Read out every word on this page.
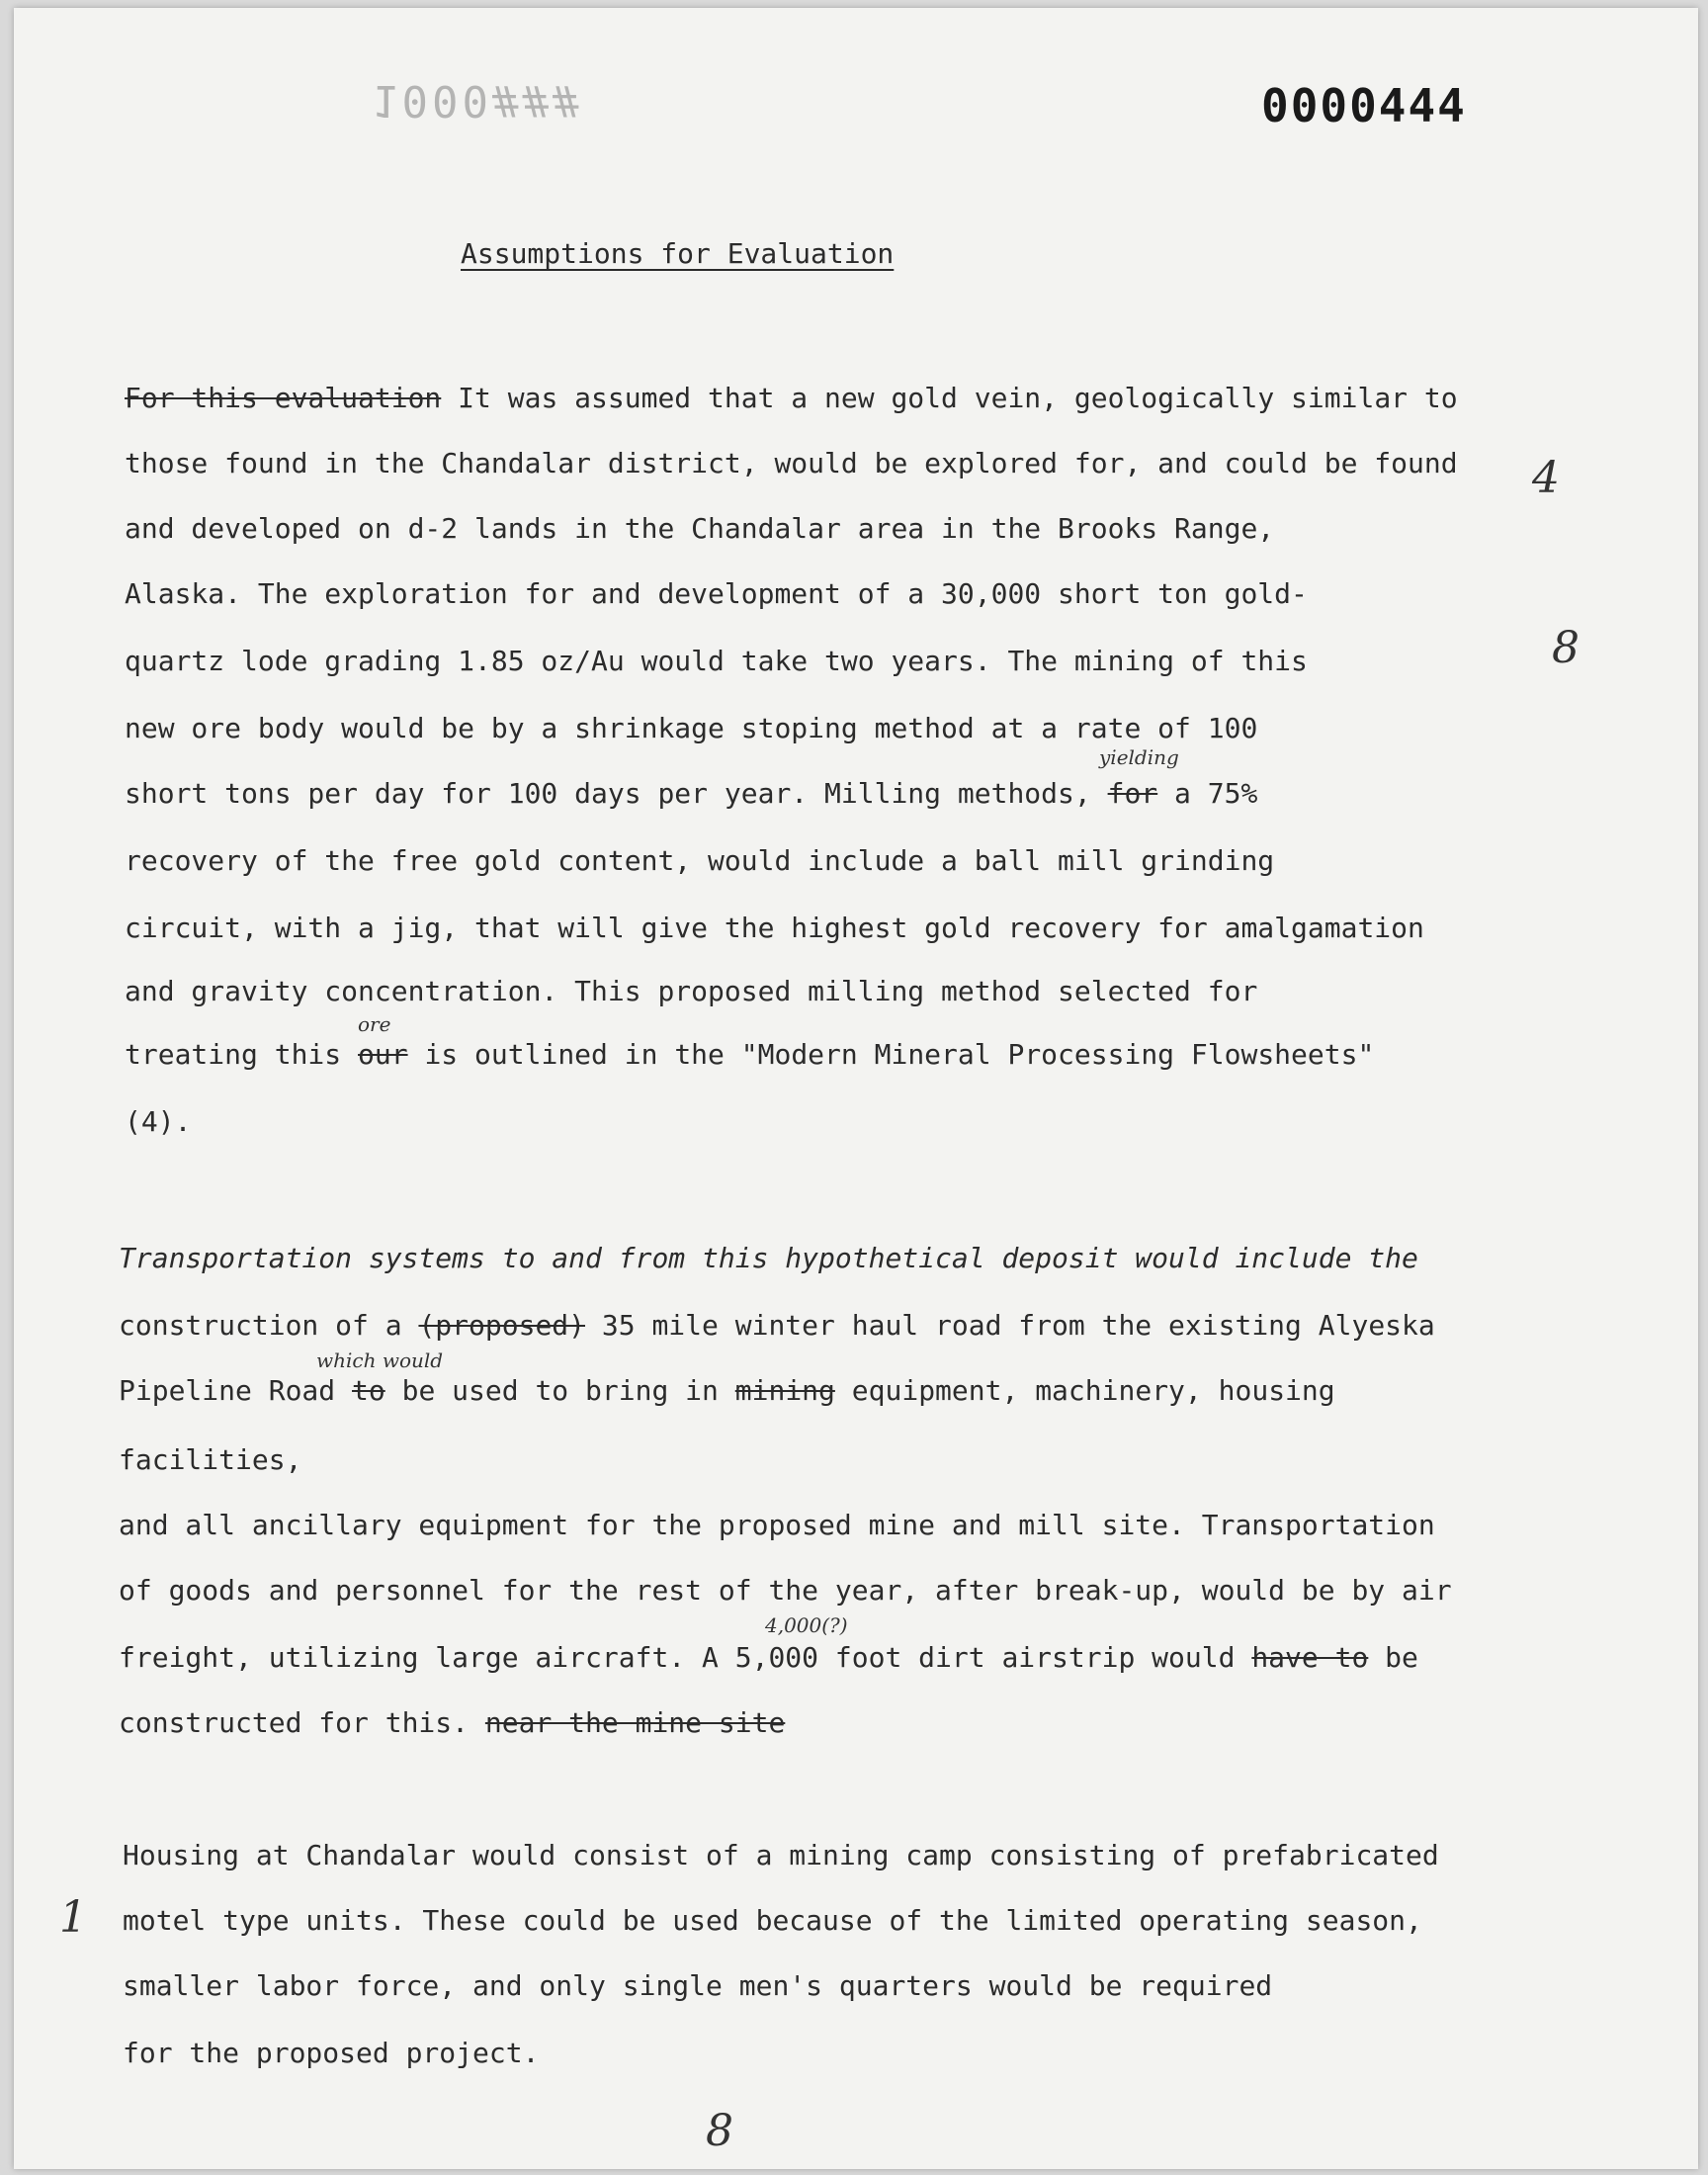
1000###	0000444
Assumptions for Evaluation
For this evaluation It was assumed that a new gold vein, geologically similar to
those found in the Chandalar district, would be explored for, and could be found
and developed on d-2 lands in the Chandalar area in the Brooks Range,
Alaska. The exploration for and development of a 30,000 short ton gold-
quartz lode grading 1.85 oz/Au would take two years. The mining of this
new ore body would be by a shrinkage stoping method at a rate of 100
yielding
short tons per day for 100 days per year. Milling methods, for a 75%
recovery of the free gold content, would include a ball mill grinding
circuit, with a jig, that will give the highest gold recovery for amalgamation
and gravity concentration. This proposed milling method selected for
ore
treating this our is outlined in the "Modern Mineral Processing Flowsheets"
(4).
Transportation systems to and from this hypothetical deposit would include the
construction of a (proposed) 35 mile winter haul road from the existing Alyeska
which would
Pipeline Road to be used to bring in mining equipment, machinery, housing
facilities,
and all ancillary equipment for the proposed mine and mill site. Transportation
of goods and personnel for the rest of the year, after break-up, would be by air
4,000(?)
freight, utilizing large aircraft. A 5,000 foot dirt airstrip would have to be
constructed for this. near the mine site
Housing at Chandalar would consist of a mining camp consisting of prefabricated
motel type units. These could be used because of the limited operating season,
smaller labor force, and only single men's quarters would be required
for the proposed project.
4
8
1
8
